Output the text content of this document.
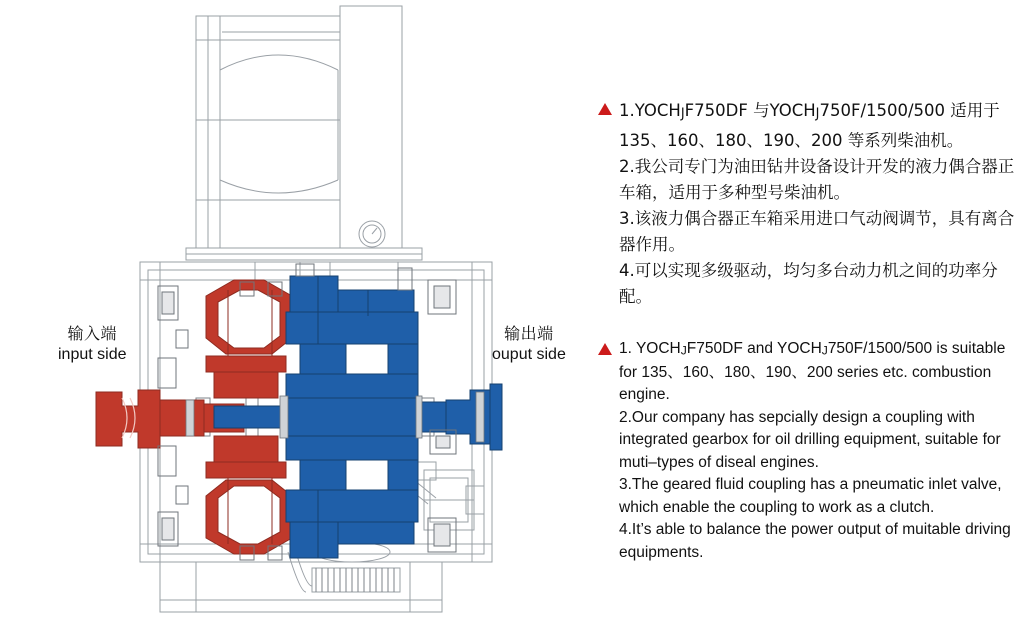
输入端
input side
输出端
ouput side

1.YOCHJF750DF 与YOCHJ750F/1500/500 适用于135、160、180、190、200 等系列柴油机。

2.我公司专门为油田钻井设备设计开发的液力偶合器正车箱，适用于多种型号柴油机。

3.该液力偶合器正车箱采用进口气动阀调节，具有离合器作用。

4.可以实现多级驱动，均匀多台动力机之间的功率分配。

1. YOCHJF750DF and YOCHJ750F/1500/500 is suitable for 135、160、180、190、200 series etc. combustion engine.

2.Our company has sepcially design a coupling with integrated gearbox for oil drilling equipment, suitable for muti–types of diseal engines.

3.The geared fluid coupling has a pneumatic inlet valve, which enable the coupling to work as a clutch.

4.It’s able to balance the power output of muitable driving equipments.
